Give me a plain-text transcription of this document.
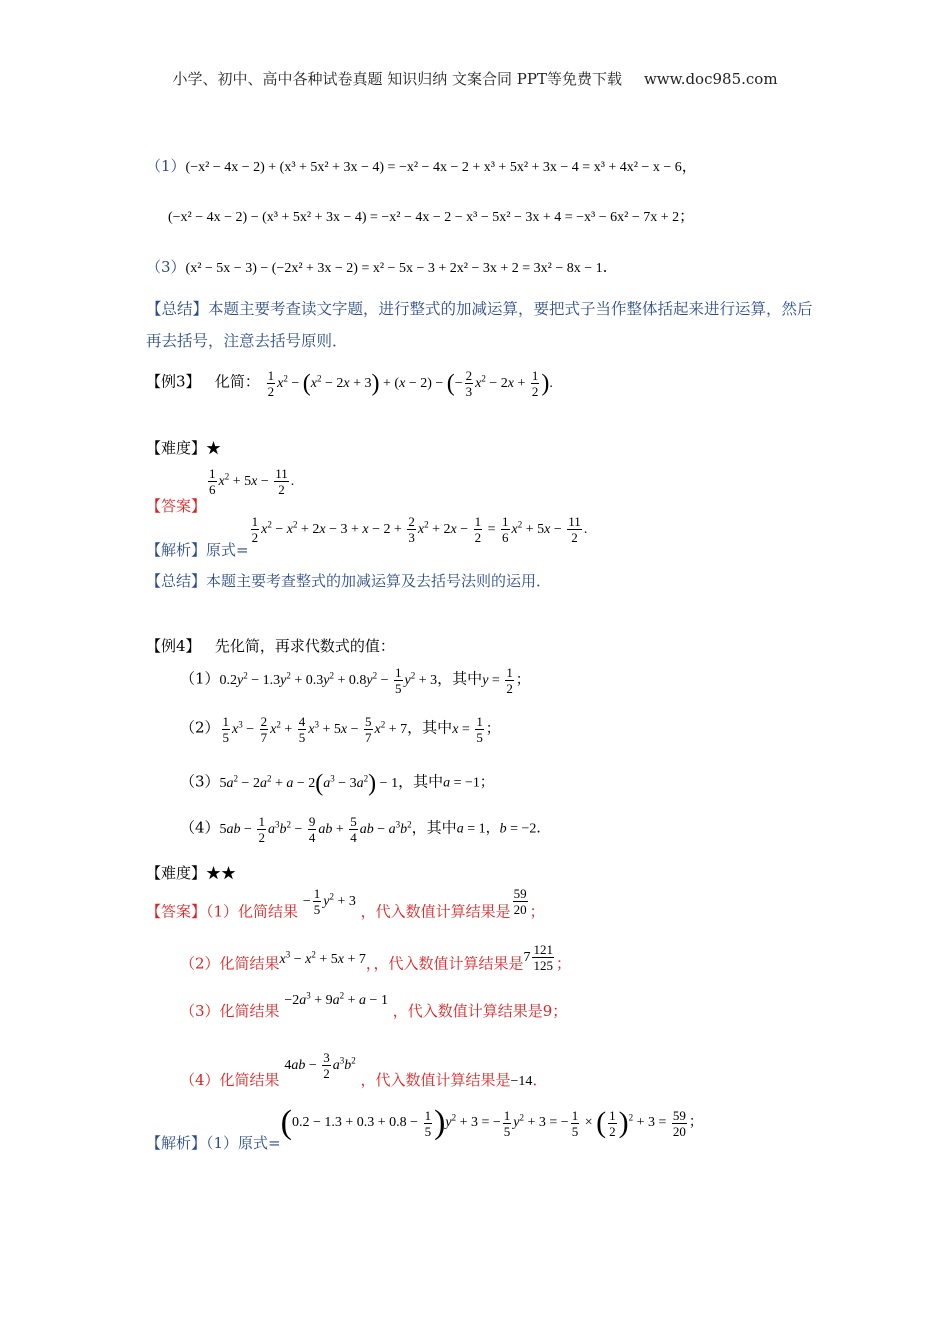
小学、初中、高中各种试卷真题 知识归纳 文案合同 PPT等免费下载 www.doc985.com
（1）(−x² − 4x − 2) + (x³ + 5x² + 3x − 4) = −x² − 4x − 2 + x³ + 5x² + 3x − 4 = x³ + 4x² − x − 6，
(−x² − 4x − 2) − (x³ + 5x² + 3x − 4) = −x² − 4x − 2 − x³ − 5x² − 3x + 4 = −x³ − 6x² − 7x + 2；
（3）(x² − 5x − 3) − (−2x² + 3x − 2) = x² − 5x − 3 + 2x² − 3x + 2 = 3x² − 8x − 1.
【总结】本题主要考查读文字题，进行整式的加减运算，要把式子当作整体括起来进行运算，然后再去括号，注意去括号原则．
【例3】 化简： $\frac{1}{2} x^2 - (x^2 - 2x + 3) + (x - 2)$ − (− $\frac{2}{3} x^2 - 2x + \frac{1}{2}$ ).
【难度】★
【答案】
$\frac{1}{6} x^2 + 5x - \frac{11}{2}$ .
【解析】原式=
$\frac{1}{2} x^2 - x^2 + 2x - 3 + x - 2 + \frac{2}{3} x^2 + 2x - \frac{1}{2} = \frac{1}{6} x^2 + 5x - \frac{11}{2}$ .
【总结】本题主要考查整式的加减运算及去括号法则的运用．
【例4】 先化简，再求代数式的值：
$(1)0.2y^2 - 1.3y^2 + 0.3y^2 + 0.8y^2 - \frac{1}{5} y^2 + 3$，其中$y = \frac{1}{2}$ ；
$(2) \frac{1}{5} x^3 - \frac{2}{7} x^2 + \frac{4}{5} x^3 + 5x - \frac{5}{7} x^2 + 7$，其中$x = \frac{1}{5}$ ；
$(3)5a^2 - 2a^2 + a - 2(a^3 - 3a^2) - 1$，其中a = −1；
$(4)5ab - \frac{1}{2} a^3b^2 - \frac{9}{4}$ ab + $\frac{5}{4}$ ab − $a^3b^2$，其中a = 1，b = −2．
【难度】★★
【答案】（1）化简结果 − $\frac{1}{5} y^2 + 3$ ，代入数值计算结果是 $\frac{59}{20}$ ；
（2）化简结果$x^3 - x^2 + 5x + 7$，，代入数值计算结果是$7 \frac{121}{125}$ ；
（3）化简结果 $-2a^3 + 9a^2 + a - 1$ ，代入数值计算结果是9；
（4）化简结果 $4ab - \frac{3}{2} a^3b^2$ ，代入数值计算结果是−14．
【解析】（1）原式$=(0.2 - 1.3 + 0.3 + 0.8 - \frac{1}{5} )y^2 + 3$ = − $\frac{1}{5} y^2 + 3$ = − $\frac{1}{5}$ × ( $\frac{1}{2} )^2 + 3 = \frac{59}{20}$ ；
